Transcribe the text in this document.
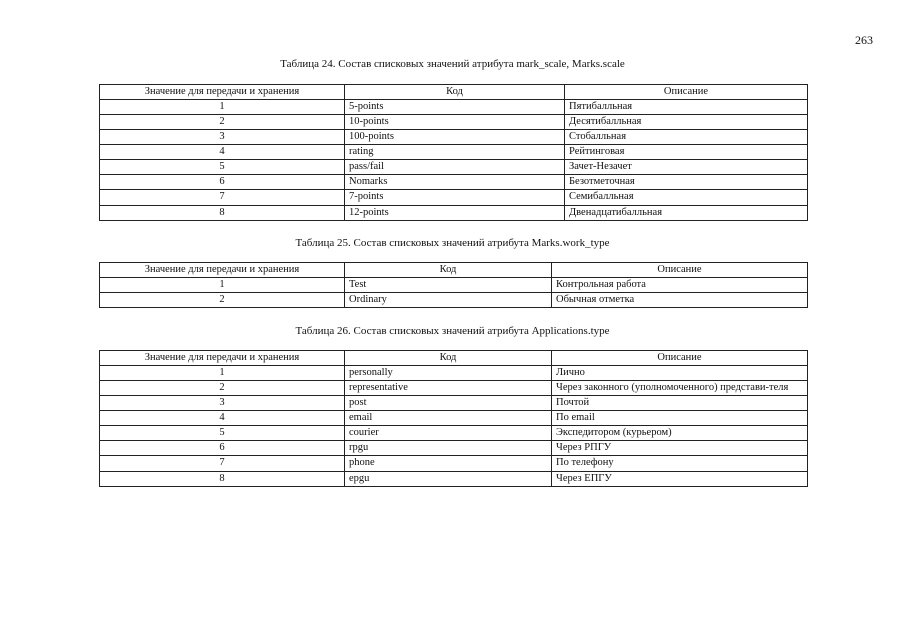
263
Таблица 24. Состав списковых значений атрибута mark_scale, Marks.scale
Значение для передачи и хранения	Код	Описание
1	5-points	Пятибалльная
2	10-points	Десятибалльная
3	100-points	Стобалльная
4	rating	Рейтинговая
5	pass/fail	Зачет-Незачет
6	Nomarks	Безотметочная
7	7-points	Семибалльная
8	12-points	Двенадцатибалльная
Таблица 25. Состав списковых значений атрибута Marks.work_type
Значение для передачи и хранения	Код	Описание
1	Test	Контрольная работа
2	Ordinary	Обычная отметка
Таблица 26. Состав списковых значений атрибута Applications.type
Значение для передачи и хранения	Код	Описание
1	personally	Лично
2	representative	Через законного (уполномоченного) представи-теля
3	post	Почтой
4	email	По email
5	courier	Экспедитором (курьером)
6	rpgu	Через РПГУ
7	phone	По телефону
8	epgu	Через ЕПГУ
